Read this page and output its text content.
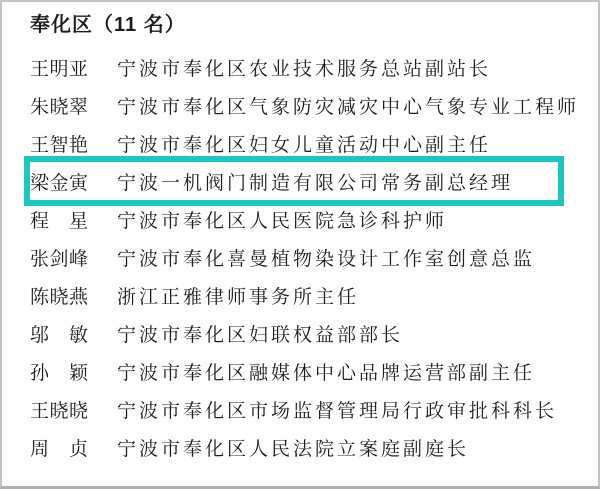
奉化区（11 名）
王明亚 宁波市奉化区农业技术服务总站副站长
朱晓翠 宁波市奉化区气象防灾减灾中心气象专业工程师
王智艳 宁波市奉化区妇女儿童活动中心副主任
梁金寅 宁波一机阀门制造有限公司常务副总经理
程星 宁波市奉化区人民医院急诊科护师
张剑峰 宁波市奉化喜曼植物染设计工作室创意总监
陈晓燕 浙江正雅律师事务所主任
邬敏 宁波市奉化区妇联权益部部长
孙颖 宁波市奉化区融媒体中心品牌运营部副主任
王晓晓 宁波市奉化区市场监督管理局行政审批科科长
周贞 宁波市奉化区人民法院立案庭副庭长
